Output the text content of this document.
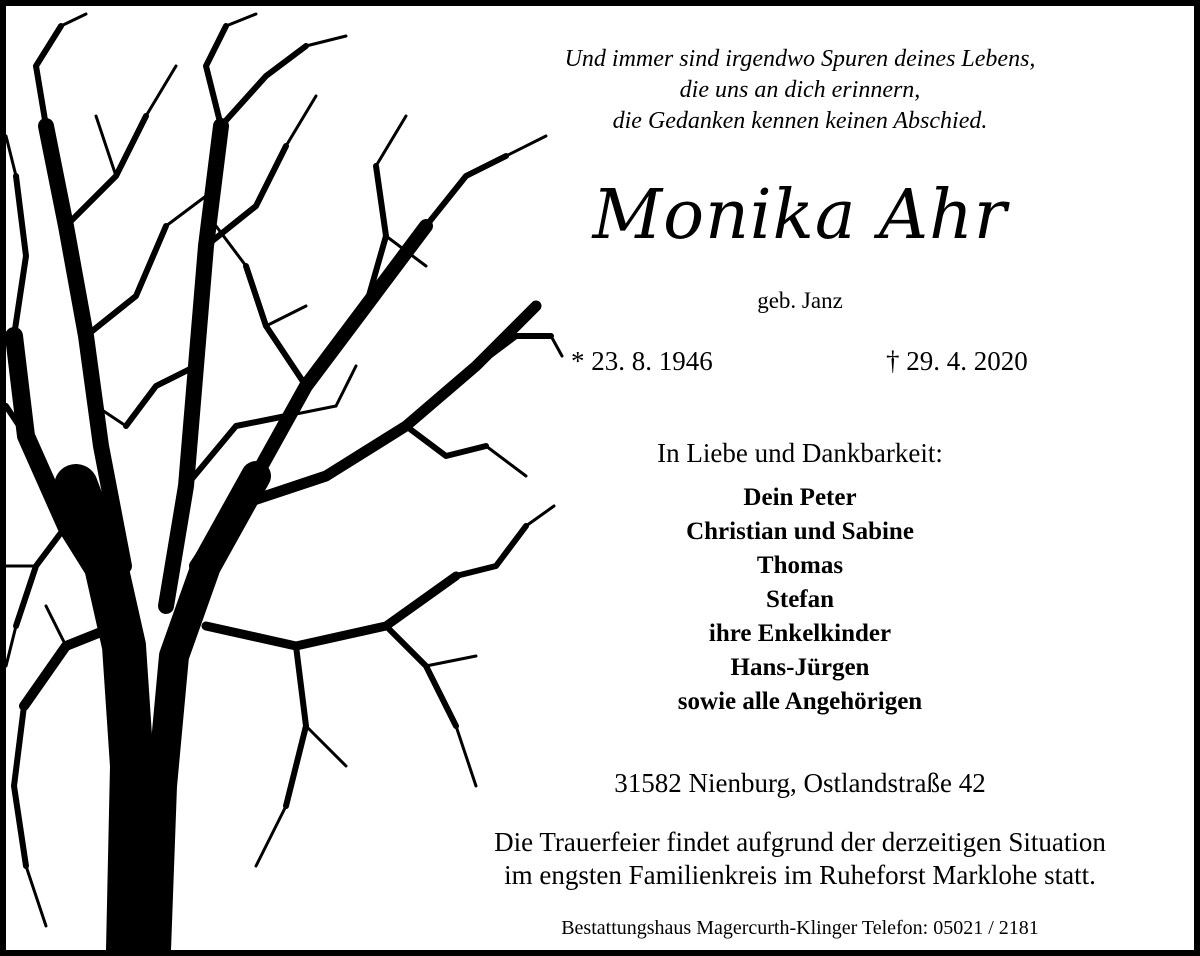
Und immer sind irgendwo Spuren deines Lebens,
die uns an dich erinnern,
die Gedanken kennen keinen Abschied.
Monika Ahr
geb. Janz
* 23. 8. 1946	† 29. 4. 2020
In Liebe und Dankbarkeit:
Dein Peter
Christian und Sabine
Thomas
Stefan
ihre Enkelkinder
Hans-Jürgen
sowie alle Angehörigen
31582 Nienburg, Ostlandstraße 42
Die Trauerfeier findet aufgrund der derzeitigen Situation
im engsten Familienkreis im Ruheforst Marklohe statt.
Bestattungshaus Magercurth-Klinger Telefon: 05021 / 2181
